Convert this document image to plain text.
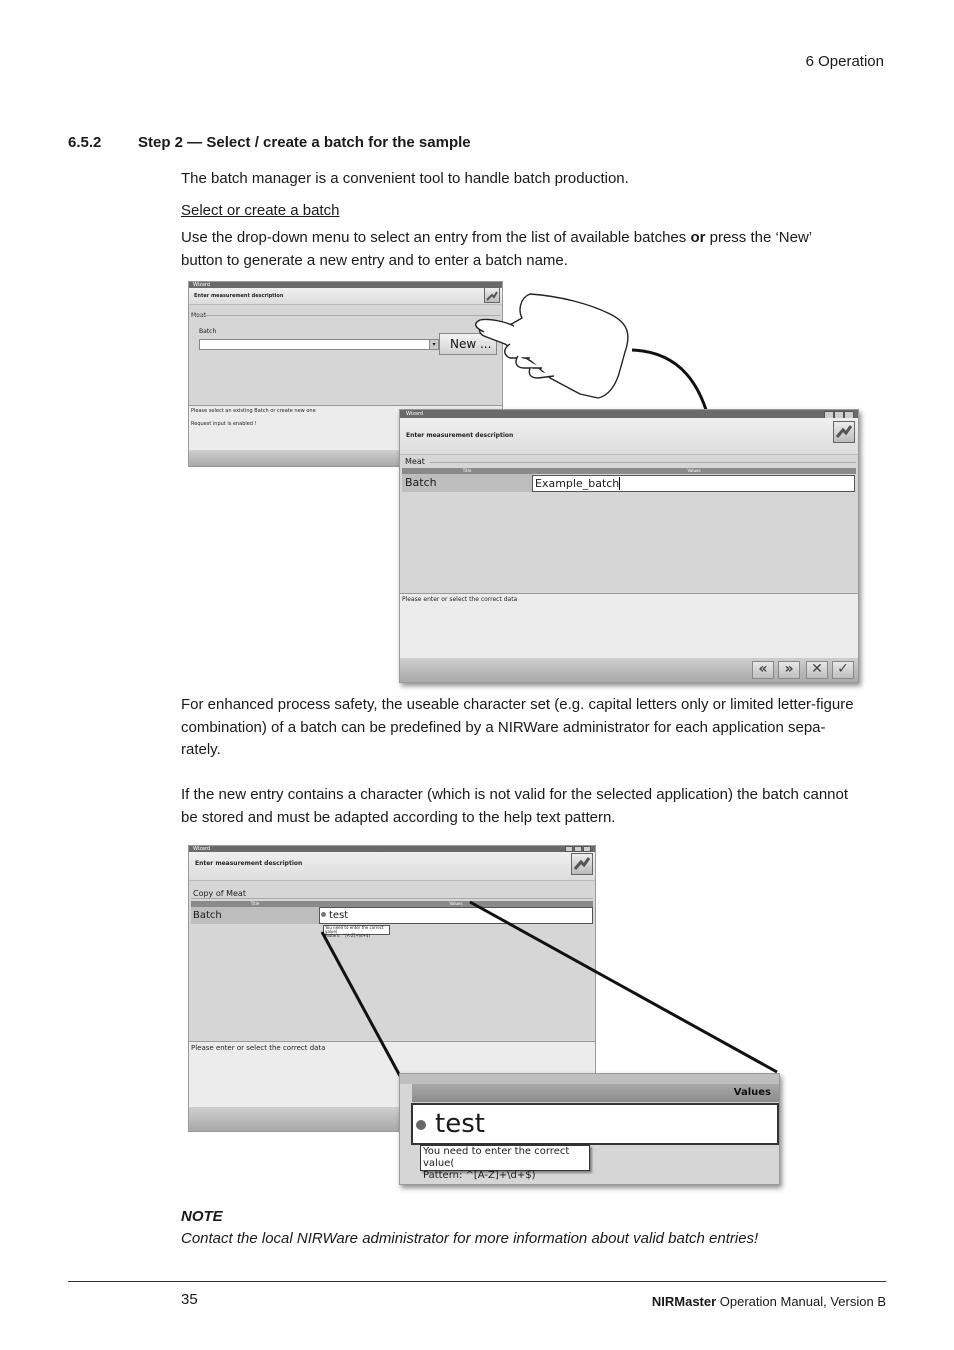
6 Operation
6.5.2 Step 2 — Select / create a batch for the sample
The batch manager is a convenient tool to handle batch production.
Select or create a batch
Use the drop-down menu to select an entry from the list of available batches or press the ‘New’
button to generate a new entry and to enter a batch name.
Wizard
Enter measurement description
Meat
Batch
▾	New ...
Please select an existing Batch or create new one
Request input is enabled !
Wizard
Enter measurement description
Meat
Title	Values
Batch	Example_batch
Please enter or select the correct data
«	»	✕	✓
For enhanced process safety, the useable character set (e.g. capital letters only or limited letter-figure
combination) of a batch can be predefined by a NIRWare administrator for each application sepa-
rately.
If the new entry contains a character (which is not valid for the selected application) the batch cannot
be stored and must be adapted according to the help text pattern.
Wizard
Enter measurement description
Copy of Meat
Title	Values
Batch	test
You need to enter the correct value(
Pattern: ^[A-Z]+\d+$)
Please enter or select the correct data
Values
test
You need to enter the correct value(
Pattern: ^[A-Z]+\d+$)
NOTE
Contact the local NIRWare administrator for more information about valid batch entries!
35	NIRMaster Operation Manual, Version B
